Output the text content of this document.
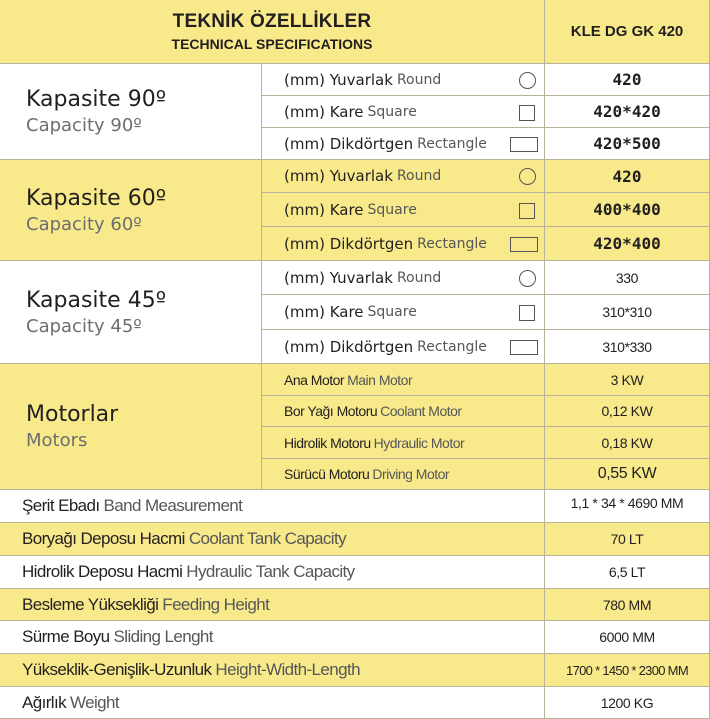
TEKNİK ÖZELLİKLER
TECHNICAL SPECIFICATIONS
KLE DG GK 420
Kapasite 90º
Capacity 90º
(mm) Yuvarlak Round	420
(mm) Kare Square	420*420
(mm) Dikdörtgen Rectangle	420*500
Kapasite 60º
Capacity 60º
(mm) Yuvarlak Round	420
(mm) Kare Square	400*400
(mm) Dikdörtgen Rectangle	420*400
Kapasite 45º
Capacity 45º
(mm) Yuvarlak Round	330
(mm) Kare Square	310*310
(mm) Dikdörtgen Rectangle	310*330
Motorlar
Motors
Ana Motor Main Motor	3 KW
Bor Yağı Motoru Coolant Motor	0,12 KW
Hidrolik Motoru Hydraulic Motor	0,18 KW
Sürücü Motoru Driving Motor	0,55 KW
Şerit Ebadı Band Measurement	1,1 * 34 * 4690 MM
Boryağı Deposu Hacmi Coolant Tank Capacity	70 LT
Hidrolik Deposu Hacmi Hydraulic Tank Capacity	6,5 LT
Besleme Yüksekliği Feeding Height	780 MM
Sürme Boyu Sliding Lenght	6000 MM
Yükseklik-Genişlik-Uzunluk Height-Width-Length	1700 * 1450 * 2300 MM
Ağırlık Weight	1200 KG
